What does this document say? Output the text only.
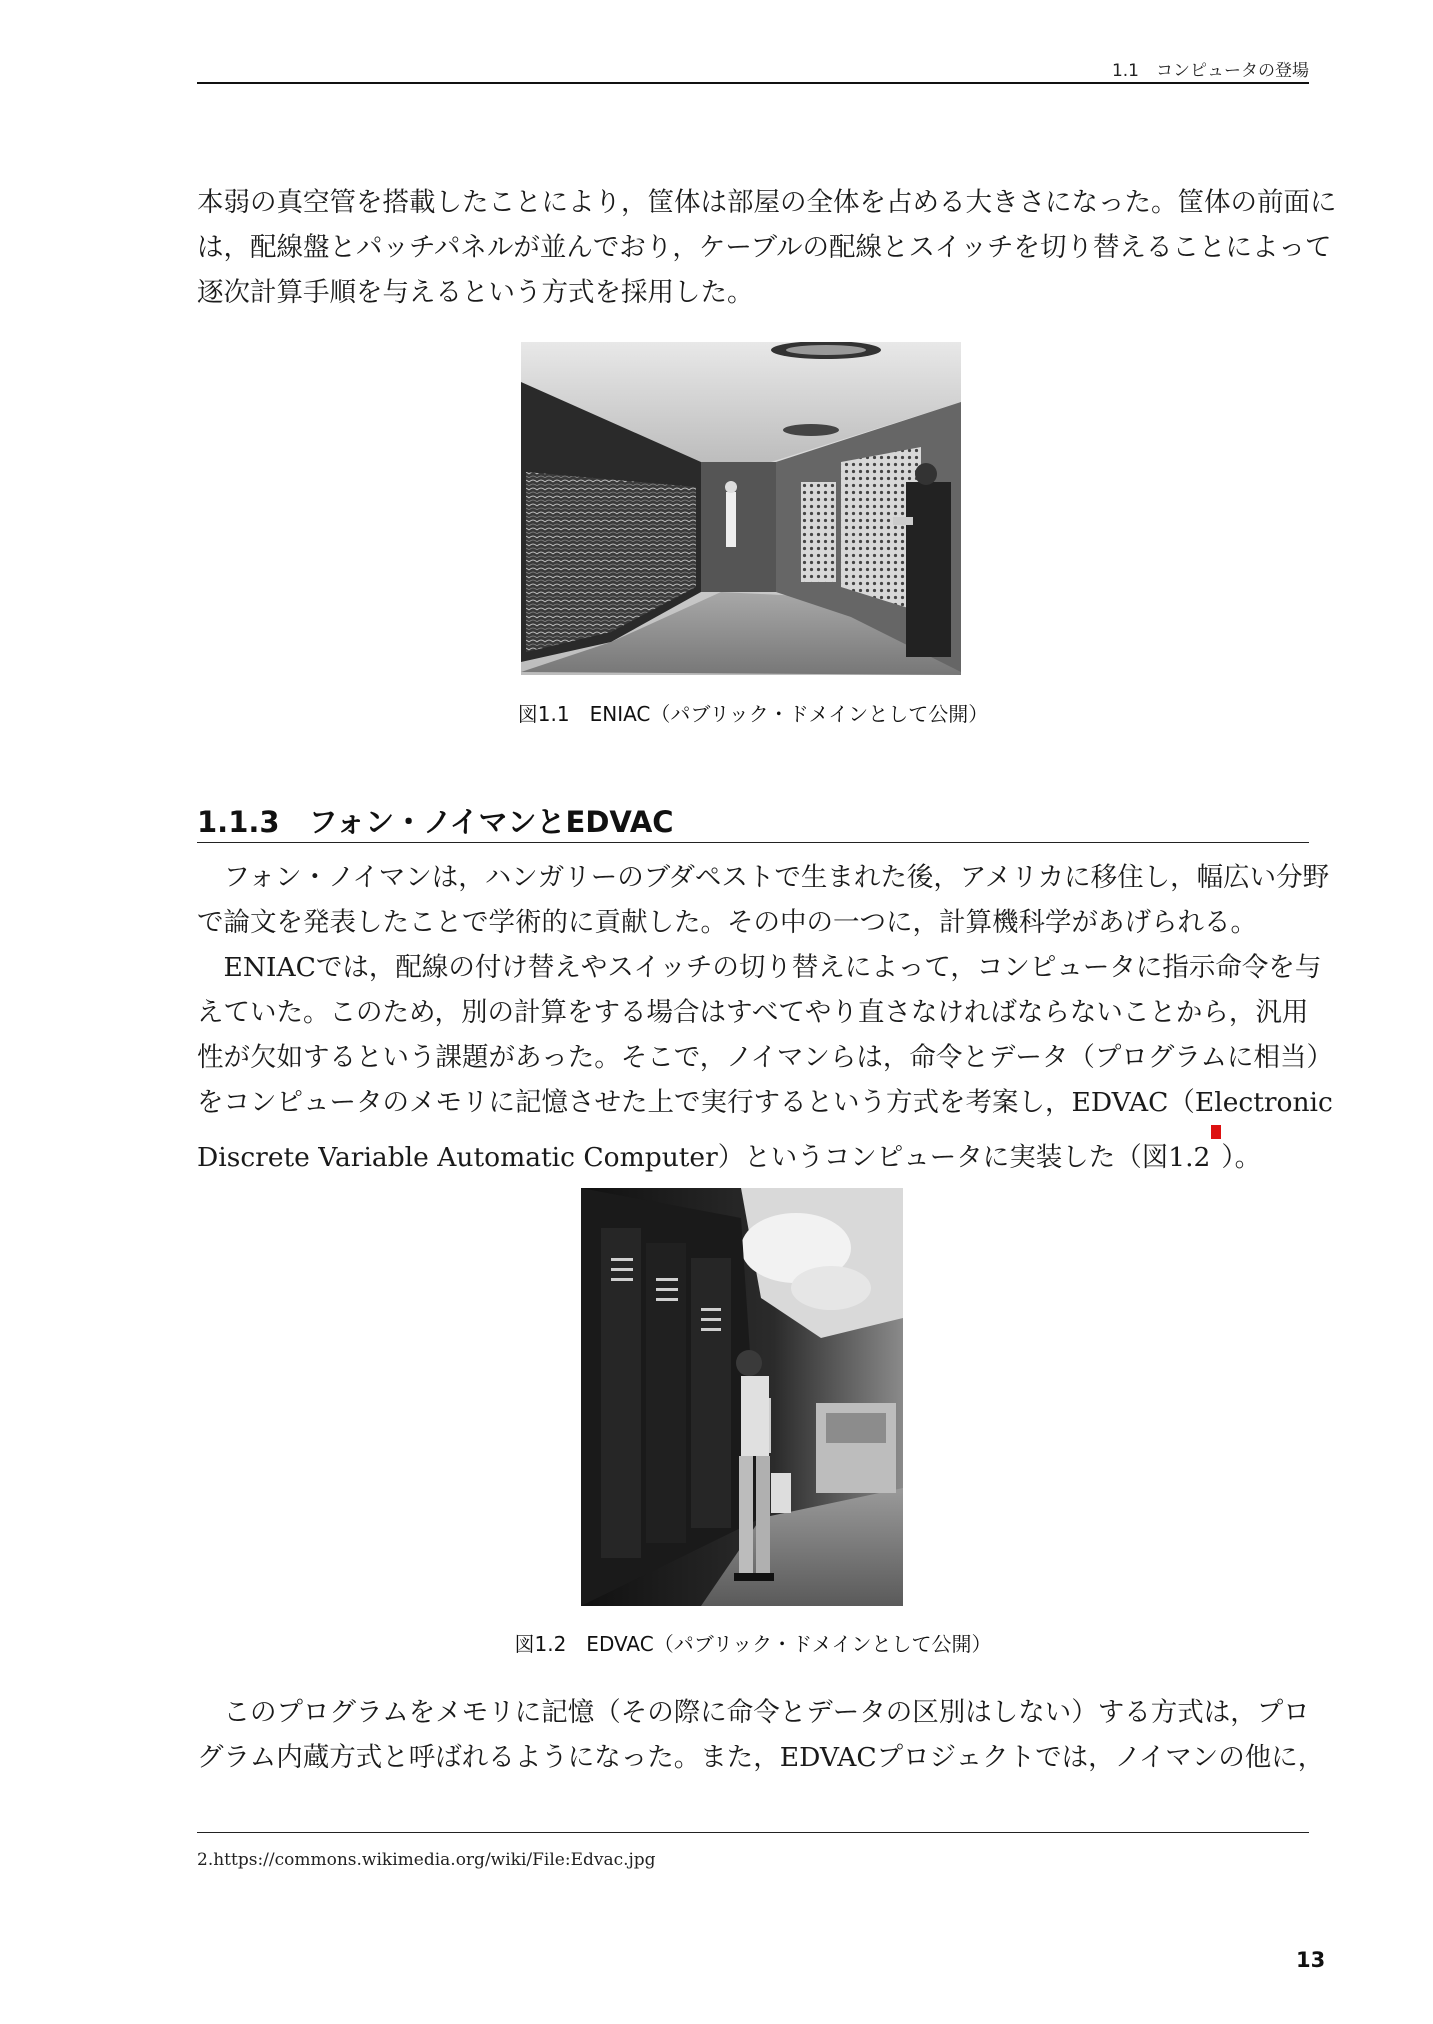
1.1　コンピュータの登場

本弱の真空管を搭載したことにより，筐体は部屋の全体を占める大きさになった。筐体の前面に

は，配線盤とパッチパネルが並んでおり，ケーブルの配線とスイッチを切り替えることによって

逐次計算手順を与えるという方式を採用した。

図1.1　ENIAC（パブリック・ドメインとして公開）
1.1.3　フォン・ノイマンとEDVAC

　フォン・ノイマンは，ハンガリーのブダペストで生まれた後，アメリカに移住し，幅広い分野

で論文を発表したことで学術的に貢献した。その中の一つに，計算機科学があげられる。

　ENIACでは，配線の付け替えやスイッチの切り替えによって，コンピュータに指示命令を与

えていた。このため，別の計算をする場合はすべてやり直さなければならないことから，汎用

性が欠如するという課題があった。そこで，ノイマンらは，命令とデータ（プログラムに相当）

をコンピュータのメモリに記憶させた上で実行するという方式を考案し，EDVAC（Electronic

Discrete Variable Automatic Computer）というコンピュータに実装した（図1.2 ）。

図1.2　EDVAC（パブリック・ドメインとして公開）

　このプログラムをメモリに記憶（その際に命令とデータの区別はしない）する方式は，プロ

グラム内蔵方式と呼ばれるようになった。また，EDVACプロジェクトでは，ノイマンの他に，

2.https://commons.wikimedia.org/wiki/File:Edvac.jpg
13
